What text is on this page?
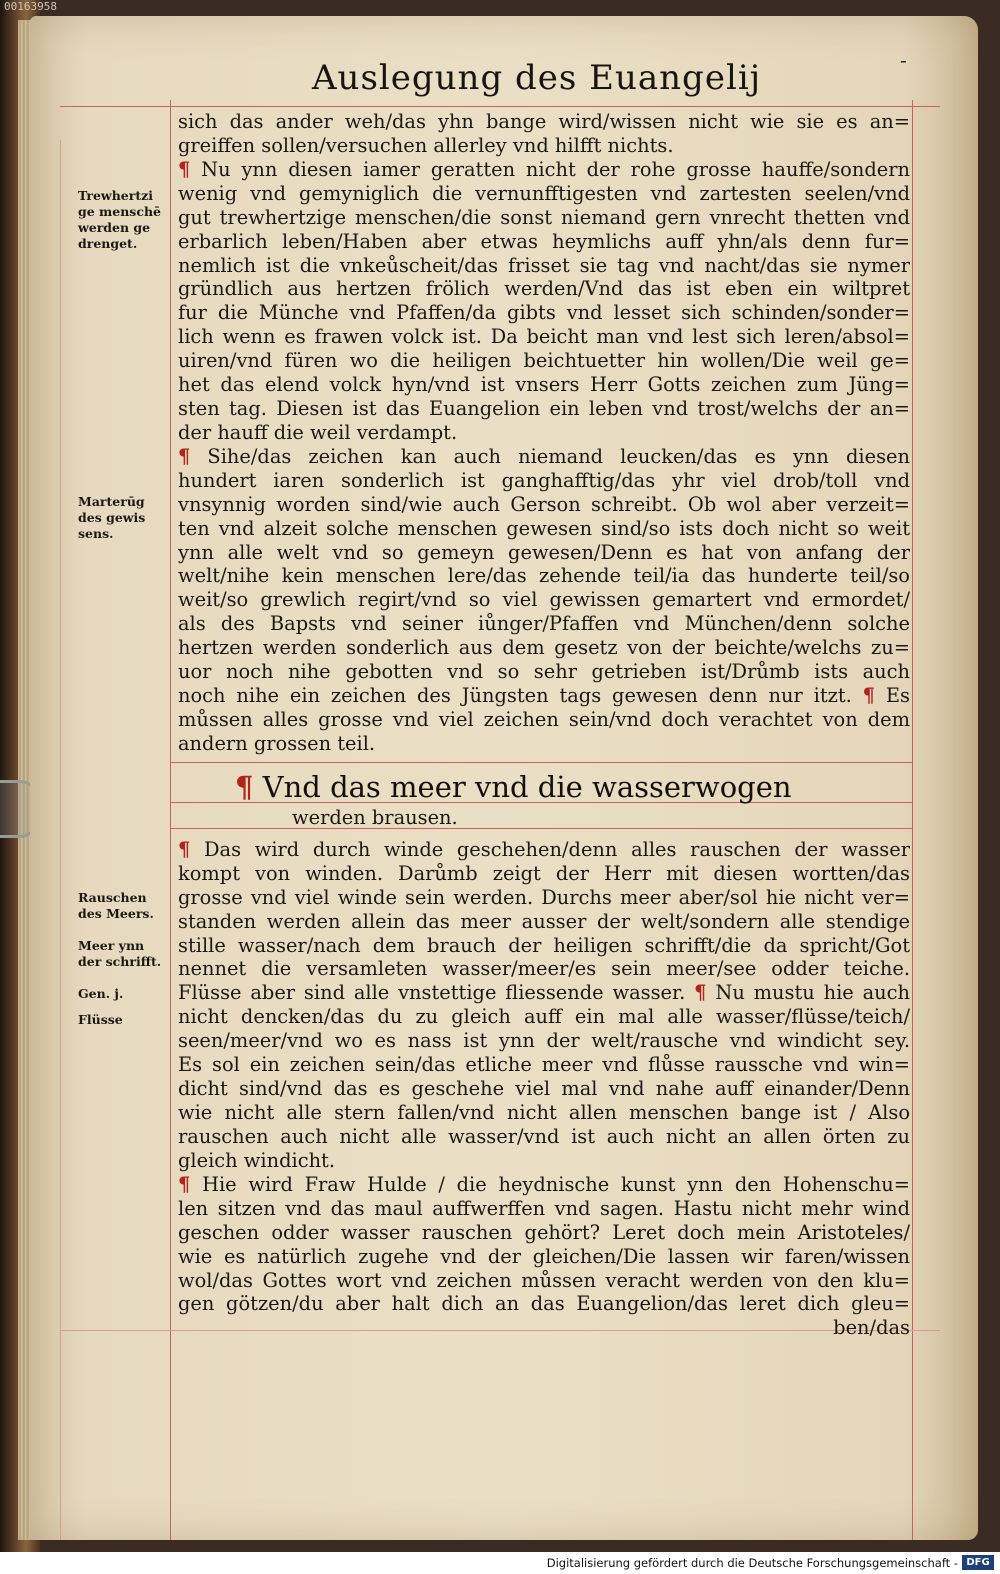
00163958
-
Auslegung des Euangelij
sich das ander weh/das yhn bange wird/wissen nicht wie sie es an=
greiffen sollen/versuchen allerley vnd hilfft nichts.
¶ Nu ynn diesen iamer geratten nicht der rohe grosse hauffe/sondern
wenig vnd gemyniglich die vernunfftigesten vnd zartesten seelen/vnd
gut trewhertzige menschen/die sonst niemand gern vnrecht thetten vnd
erbarlich leben/Haben aber etwas heymlichs auff yhn/als denn fur=
nemlich ist die vnkeůscheit/das frisset sie tag vnd nacht/das sie nymer
gründlich aus hertzen frölich werden/Vnd das ist eben ein wiltpret
fur die Münche vnd Pfaffen/da gibts vnd lesset sich schinden/sonder=
lich wenn es frawen volck ist. Da beicht man vnd lest sich leren/absol=
uiren/vnd füren wo die heiligen beichtuetter hin wollen/Die weil ge=
het das elend volck hyn/vnd ist vnsers Herr Gotts zeichen zum Jüng=
sten tag. Diesen ist das Euangelion ein leben vnd trost/welchs der an=
der hauff die weil verdampt.
¶ Sihe/das zeichen kan auch niemand leucken/das es ynn diesen
hundert iaren sonderlich ist ganghafftig/das yhr viel drob/toll vnd
vnsynnig worden sind/wie auch Gerson schreibt. Ob wol aber verzeit=
ten vnd alzeit solche menschen gewesen sind/so ists doch nicht so weit
ynn alle welt vnd so gemeyn gewesen/Denn es hat von anfang der
welt/nihe kein menschen lere/das zehende teil/ia das hunderte teil/so
weit/so grewlich regirt/vnd so viel gewissen gemartert vnd ermordet/
als des Bapsts vnd seiner iůnger/Pfaffen vnd München/denn solche
hertzen werden sonderlich aus dem gesetz von der beichte/welchs zu=
uor noch nihe gebotten vnd so sehr getrieben ist/Drůmb ists auch
noch nihe ein zeichen des Jüngsten tags gewesen denn nur itzt. ¶ Es
můssen alles grosse vnd viel zeichen sein/vnd doch verachtet von dem
andern grossen teil.
¶ Vnd das meer vnd die wasserwogen
werden brausen.
¶ Das wird durch winde geschehen/denn alles rauschen der wasser
kompt von winden. Darůmb zeigt der Herr mit diesen wortten/das
grosse vnd viel winde sein werden. Durchs meer aber/sol hie nicht ver=
standen werden allein das meer ausser der welt/sondern alle stendige
stille wasser/nach dem brauch der heiligen schrifft/die da spricht/Got
nennet die versamleten wasser/meer/es sein meer/see odder teiche.
Flüsse aber sind alle vnstettige fliessende wasser. ¶ Nu mustu hie auch
nicht dencken/das du zu gleich auff ein mal alle wasser/flüsse/teich/
seen/meer/vnd wo es nass ist ynn der welt/rausche vnd windicht sey.
Es sol ein zeichen sein/das etliche meer vnd flůsse raussche vnd win=
dicht sind/vnd das es geschehe viel mal vnd nahe auff einander/Denn
wie nicht alle stern fallen/vnd nicht allen menschen bange ist / Also
rauschen auch nicht alle wasser/vnd ist auch nicht an allen örten zu
gleich windicht.
¶ Hie wird Fraw Hulde / die heydnische kunst ynn den Hohenschu=
len sitzen vnd das maul auffwerffen vnd sagen. Hastu nicht mehr wind
geschen odder wasser rauschen gehört? Leret doch mein Aristoteles/
wie es natürlich zugehe vnd der gleichen/Die lassen wir faren/wissen
wol/das Gottes wort vnd zeichen můssen veracht werden von den klu=
gen götzen/du aber halt dich an das Euangelion/das leret dich gleu=
ben/das
Trewhertzi
ge menschē
werden ge
drenget.
Marterūg
des gewis
sens.
Rauschen
des Meers.
Meer ynn
der schrifft.
Gen. j.
Flüsse
Digitalisierung gefördert durch die Deutsche Forschungsgemeinschaft - DFG
